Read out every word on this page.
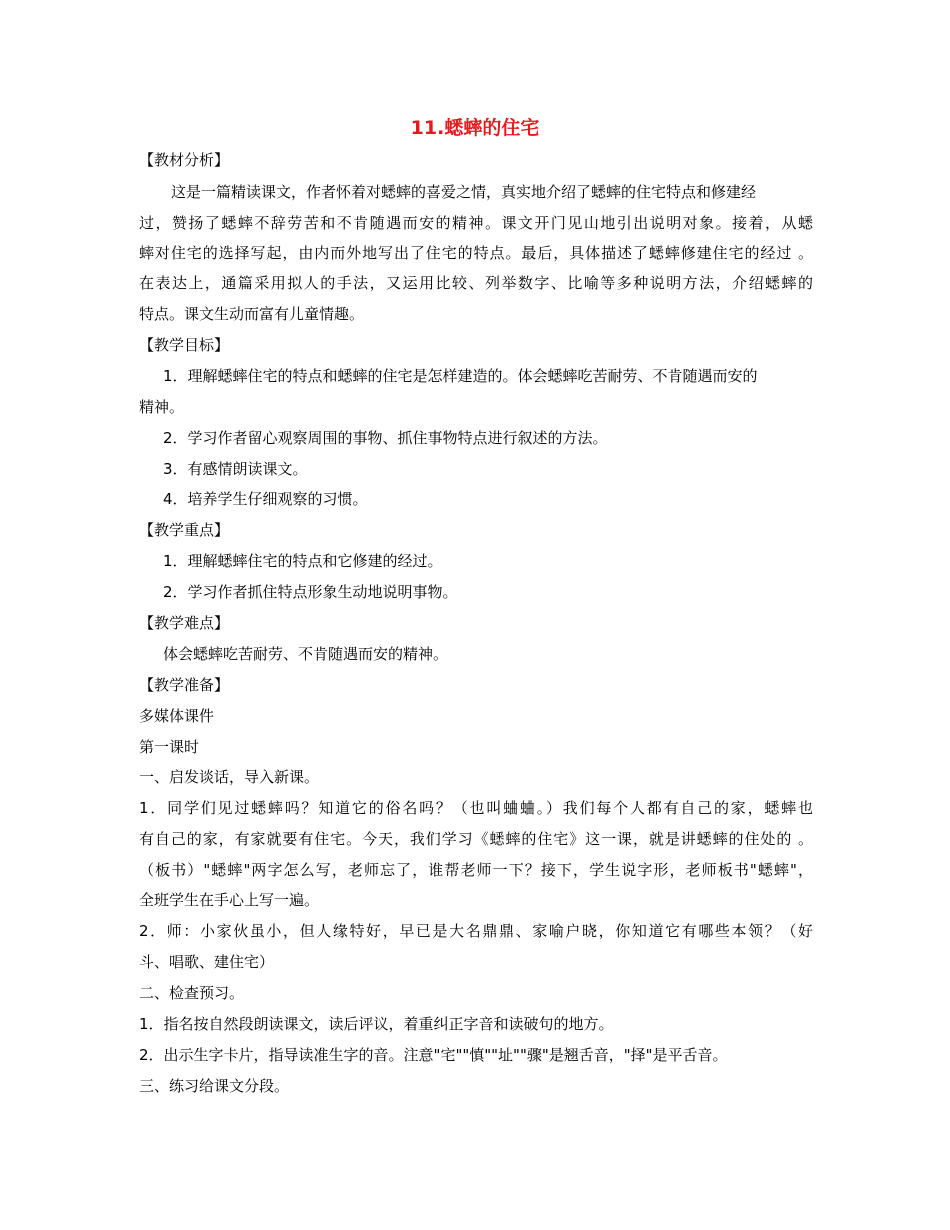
11.蟋蟀的住宅
【教材分析】
这是一篇精读课文，作者怀着对蟋蟀的喜爱之情，真实地介绍了蟋蟀的住宅特点和修建经
过，赞扬了蟋蟀不辞劳苦和不肯随遇而安的精神。课文开门见山地引出说明对象。接着，从蟋
蟀对住宅的选择写起，由内而外地写出了住宅的特点。最后，具体描述了蟋蟀修建住宅的经过 。
在表达上，通篇采用拟人的手法，又运用比较、列举数字、比喻等多种说明方法，介绍蟋蟀的
特点。课文生动而富有儿童情趣。
【教学目标】
1．理解蟋蟀住宅的特点和蟋蟀的住宅是怎样建造的。体会蟋蟀吃苦耐劳、不肯随遇而安的
精神。
2．学习作者留心观察周围的事物、抓住事物特点进行叙述的方法。
3．有感情朗读课文。
4．培养学生仔细观察的习惯。
【教学重点】
1．理解蟋蟀住宅的特点和它修建的经过。
2．学习作者抓住特点形象生动地说明事物。
【教学难点】
体会蟋蟀吃苦耐劳、不肯随遇而安的精神。
【教学准备】
多媒体课件
第一课时
一、启发谈话，导入新课。
1．同学们见过蟋蟀吗？知道它的俗名吗？（也叫蛐蛐。）我们每个人都有自己的家，蟋蟀也
有自己的家，有家就要有住宅。今天，我们学习《蟋蟀的住宅》这一课，就是讲蟋蟀的住处的 。
（板书）"蟋蟀"两字怎么写，老师忘了，谁帮老师一下？接下，学生说字形，老师板书"蟋蟀"，
全班学生在手心上写一遍。
2．师：小家伙虽小，但人缘特好，早已是大名鼎鼎、家喻户晓，你知道它有哪些本领？（好
斗、唱歌、建住宅）
二、检查预习。
1．指名按自然段朗读课文，读后评议，着重纠正字音和读破句的地方。
2．出示生字卡片，指导读准生字的音。注意"宅""慎""址""骤"是翘舌音，"择"是平舌音。
三、练习给课文分段。
